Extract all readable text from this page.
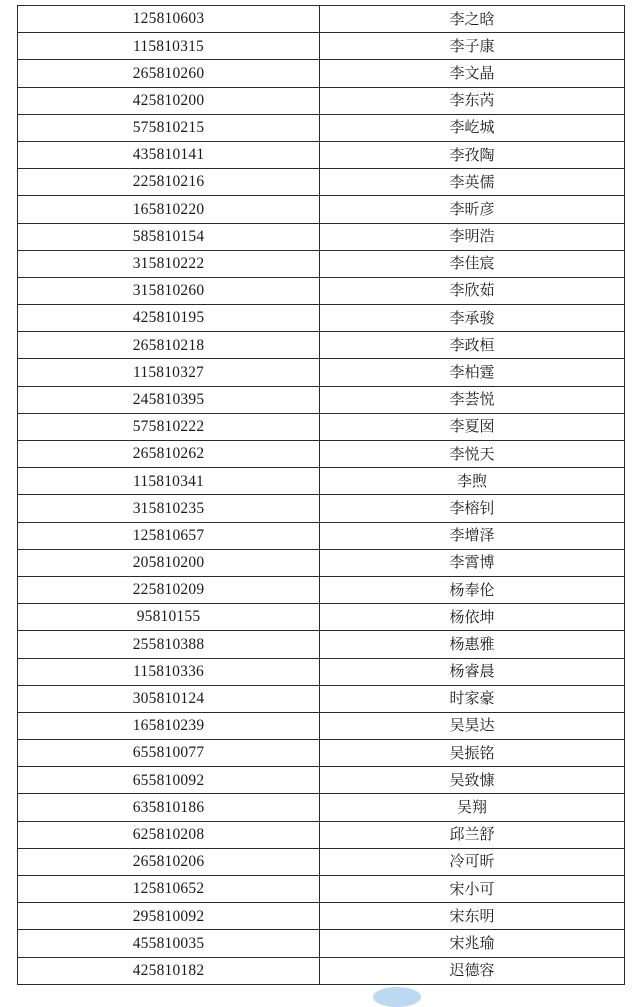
125810603	李之晗
115810315	李子康
265810260	李文晶
425810200	李东芮
575810215	李屹城
435810141	李孜陶
225810216	李英儒
165810220	李昕彦
585810154	李明浩
315810222	李佳宸
315810260	李欣茹
425810195	李承骏
265810218	李政桓
115810327	李柏霆
245810395	李荟悦
575810222	李夏囡
265810262	李悦天
115810341	李煦
315810235	李榕钊
125810657	李增泽
205810200	李霄博
225810209	杨奉伦
95810155	杨依坤
255810388	杨惠雅
115810336	杨睿晨
305810124	时家豪
165810239	吴昊达
655810077	吴振铭
655810092	吴致慷
635810186	吴翔
625810208	邱兰舒
265810206	冷可昕
125810652	宋小可
295810092	宋东明
455810035	宋兆瑜
425810182	迟德容
